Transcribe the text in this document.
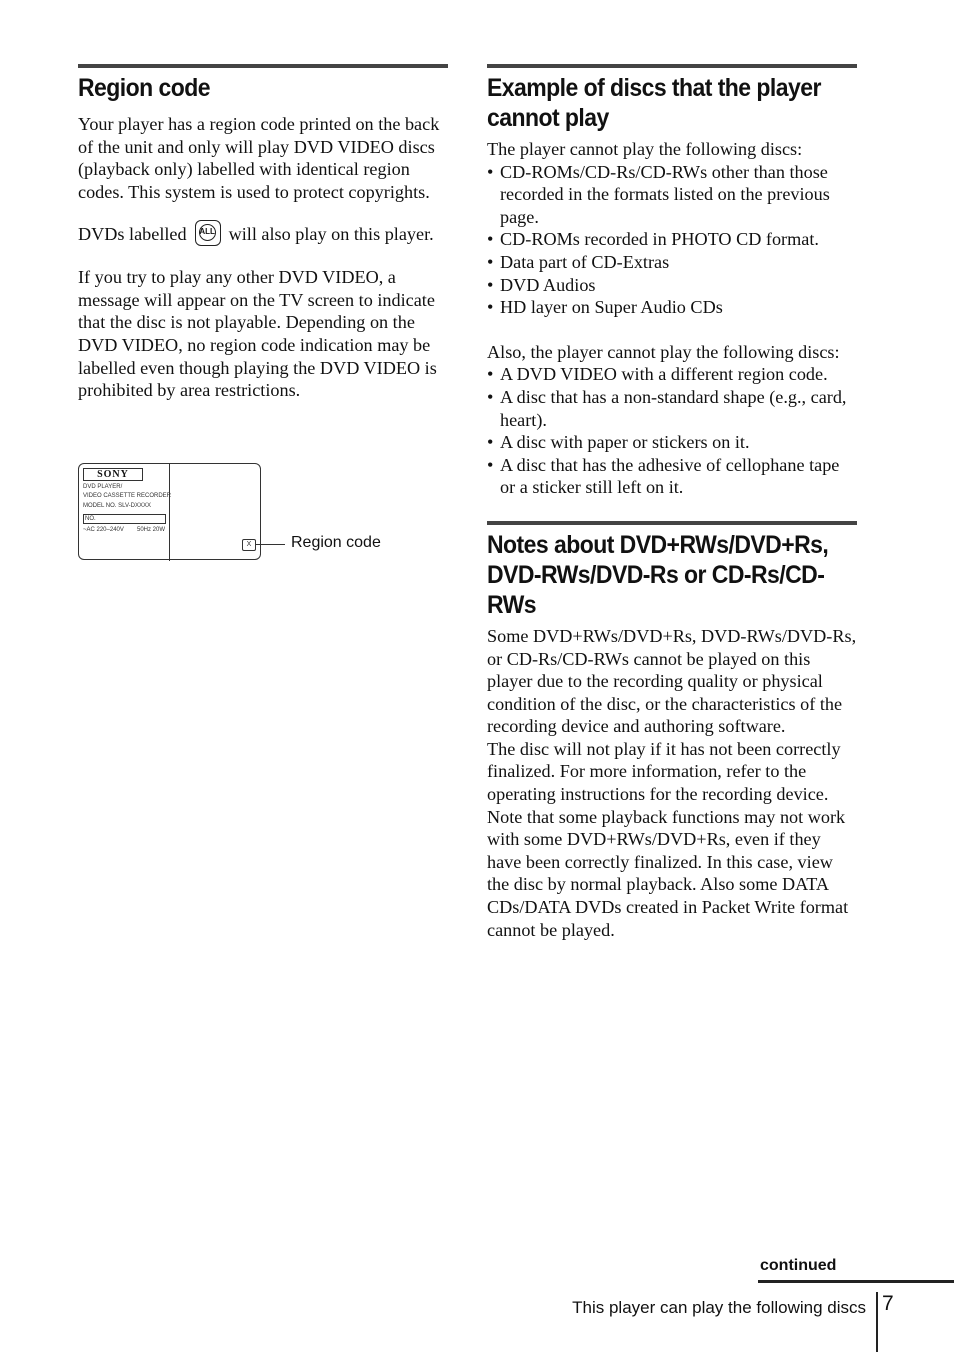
Region code

Your player has a region code printed on the back of the unit and only will play DVD VIDEO discs (playback only) labelled with identical region codes. This system is used to protect copyrights.

DVDs labelled	ALL will also play on this player.

If you try to play any other DVD VIDEO, a message will appear on the TV screen to indicate that the disc is not playable. Depending on the DVD VIDEO, no region code indication may be labelled even though playing the DVD VIDEO is prohibited by area restrictions.

SONY
DVD PLAYER/
VIDEO CASSETTE RECORDER
MODEL NO. SLV-DXXXX
NO.
~AC 220–240V 50Hz 20W
X Region code
Example of discs that the player cannot play

The player cannot play the following discs:

• CD-ROMs/CD-Rs/CD-RWs other than those recorded in the formats listed on the previous page.
• CD-ROMs recorded in PHOTO CD format.
• Data part of CD-Extras
• DVD Audios
• HD layer on Super Audio CDs

Also, the player cannot play the following discs:

• A DVD VIDEO with a different region code.
• A disc that has a non-standard shape (e.g., card, heart).
• A disc with paper or stickers on it.
• A disc that has the adhesive of cellophane tape or a sticker still left on it.
Notes about DVD+RWs/DVD+Rs, DVD-RWs/DVD-Rs or CD-Rs/CD-RWs

Some DVD+RWs/DVD+Rs, DVD-RWs/DVD-Rs, or CD-Rs/CD-RWs cannot be played on this player due to the recording quality or physical condition of the disc, or the characteristics of the recording device and authoring software.

The disc will not play if it has not been correctly finalized. For more information, refer to the operating instructions for the recording device. Note that some playback functions may not work with some DVD+RWs/DVD+Rs, even if they have been correctly finalized. In this case, view the disc by normal playback. Also some DATA CDs/DATA DVDs created in Packet Write format cannot be played.

continued
This player can play the following discs 7
